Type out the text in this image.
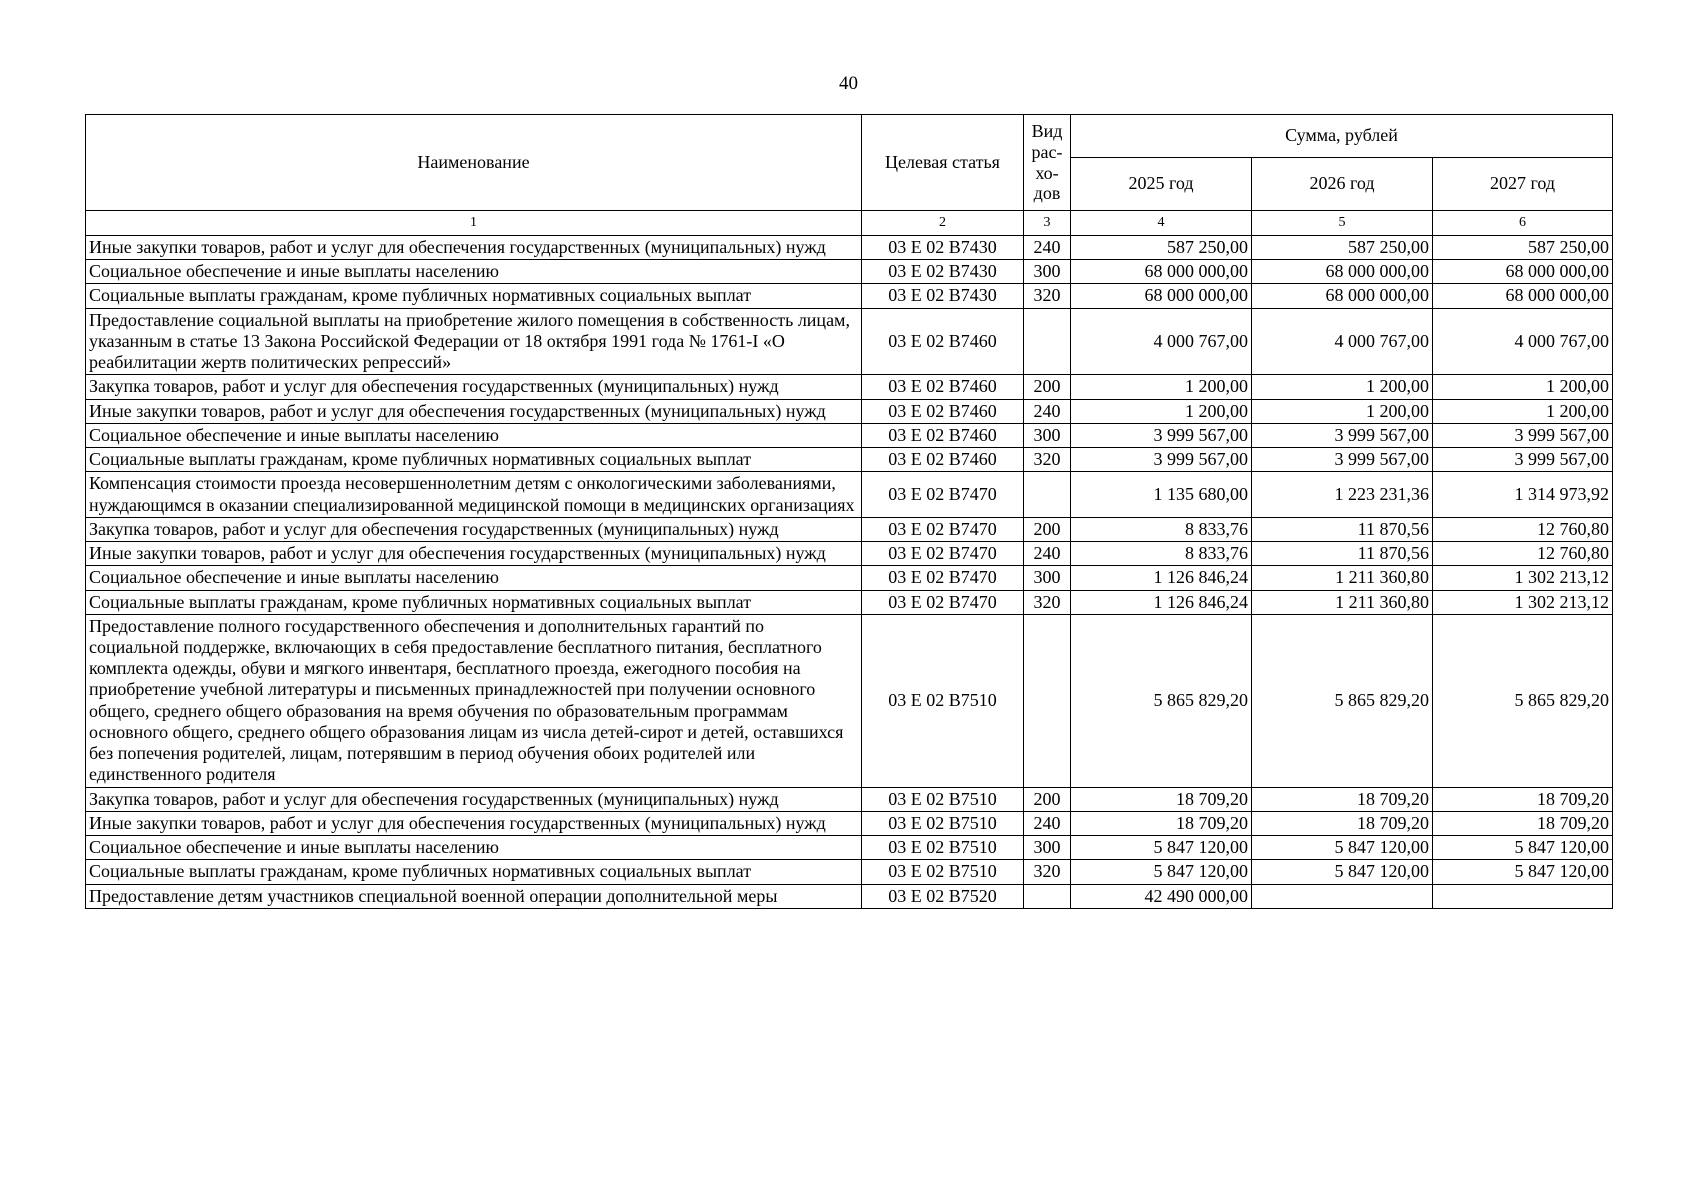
40
Наименование	Целевая статья	Вид рас-хо-дов	Сумма, рублей		
			2025 год	2026 год	2027 год
1	2	3	4	5	6
Иные закупки товаров, работ и услуг для обеспечения государственных (муниципальных) нужд	03 Е 02 В7430	240	587 250,00	587 250,00	587 250,00
Социальное обеспечение и иные выплаты населению	03 Е 02 В7430	300	68 000 000,00	68 000 000,00	68 000 000,00
Социальные выплаты гражданам, кроме публичных нормативных социальных выплат	03 Е 02 В7430	320	68 000 000,00	68 000 000,00	68 000 000,00
Предоставление социальной выплаты на приобретение жилого помещения в собственность лицам, указанным в статье 13 Закона Российской Федерации от 18 октября 1991 года № 1761-I «О реабилитации жертв политических репрессий»	03 Е 02 В7460		4 000 767,00	4 000 767,00	4 000 767,00
Закупка товаров, работ и услуг для обеспечения государственных (муниципальных) нужд	03 Е 02 В7460	200	1 200,00	1 200,00	1 200,00
Иные закупки товаров, работ и услуг для обеспечения государственных (муниципальных) нужд	03 Е 02 В7460	240	1 200,00	1 200,00	1 200,00
Социальное обеспечение и иные выплаты населению	03 Е 02 В7460	300	3 999 567,00	3 999 567,00	3 999 567,00
Социальные выплаты гражданам, кроме публичных нормативных социальных выплат	03 Е 02 В7460	320	3 999 567,00	3 999 567,00	3 999 567,00
Компенсация стоимости проезда несовершеннолетним детям с онкологическими заболеваниями, нуждающимся в оказании специализированной медицинской помощи в медицинских организациях	03 Е 02 В7470		1 135 680,00	1 223 231,36	1 314 973,92
Закупка товаров, работ и услуг для обеспечения государственных (муниципальных) нужд	03 Е 02 В7470	200	8 833,76	11 870,56	12 760,80
Иные закупки товаров, работ и услуг для обеспечения государственных (муниципальных) нужд	03 Е 02 В7470	240	8 833,76	11 870,56	12 760,80
Социальное обеспечение и иные выплаты населению	03 Е 02 В7470	300	1 126 846,24	1 211 360,80	1 302 213,12
Социальные выплаты гражданам, кроме публичных нормативных социальных выплат	03 Е 02 В7470	320	1 126 846,24	1 211 360,80	1 302 213,12
Предоставление полного государственного обеспечения и дополнительных гарантий по социальной поддержке, включающих в себя предоставление бесплатного питания, бесплатного комплекта одежды, обуви и мягкого инвентаря, бесплатного проезда, ежегодного пособия на приобретение учебной литературы и письменных принадлежностей при получении основного общего, среднего общего образования на время обучения по образовательным программам основного общего, среднего общего образования лицам из числа детей-сирот и детей, оставшихся без попечения родителей, лицам, потерявшим в период обучения обоих родителей или единственного родителя	03 Е 02 В7510		5 865 829,20	5 865 829,20	5 865 829,20
Закупка товаров, работ и услуг для обеспечения государственных (муниципальных) нужд	03 Е 02 В7510	200	18 709,20	18 709,20	18 709,20
Иные закупки товаров, работ и услуг для обеспечения государственных (муниципальных) нужд	03 Е 02 В7510	240	18 709,20	18 709,20	18 709,20
Социальное обеспечение и иные выплаты населению	03 Е 02 В7510	300	5 847 120,00	5 847 120,00	5 847 120,00
Социальные выплаты гражданам, кроме публичных нормативных социальных выплат	03 Е 02 В7510	320	5 847 120,00	5 847 120,00	5 847 120,00
Предоставление детям участников специальной военной операции дополнительной меры	03 Е 02 В7520		42 490 000,00		
